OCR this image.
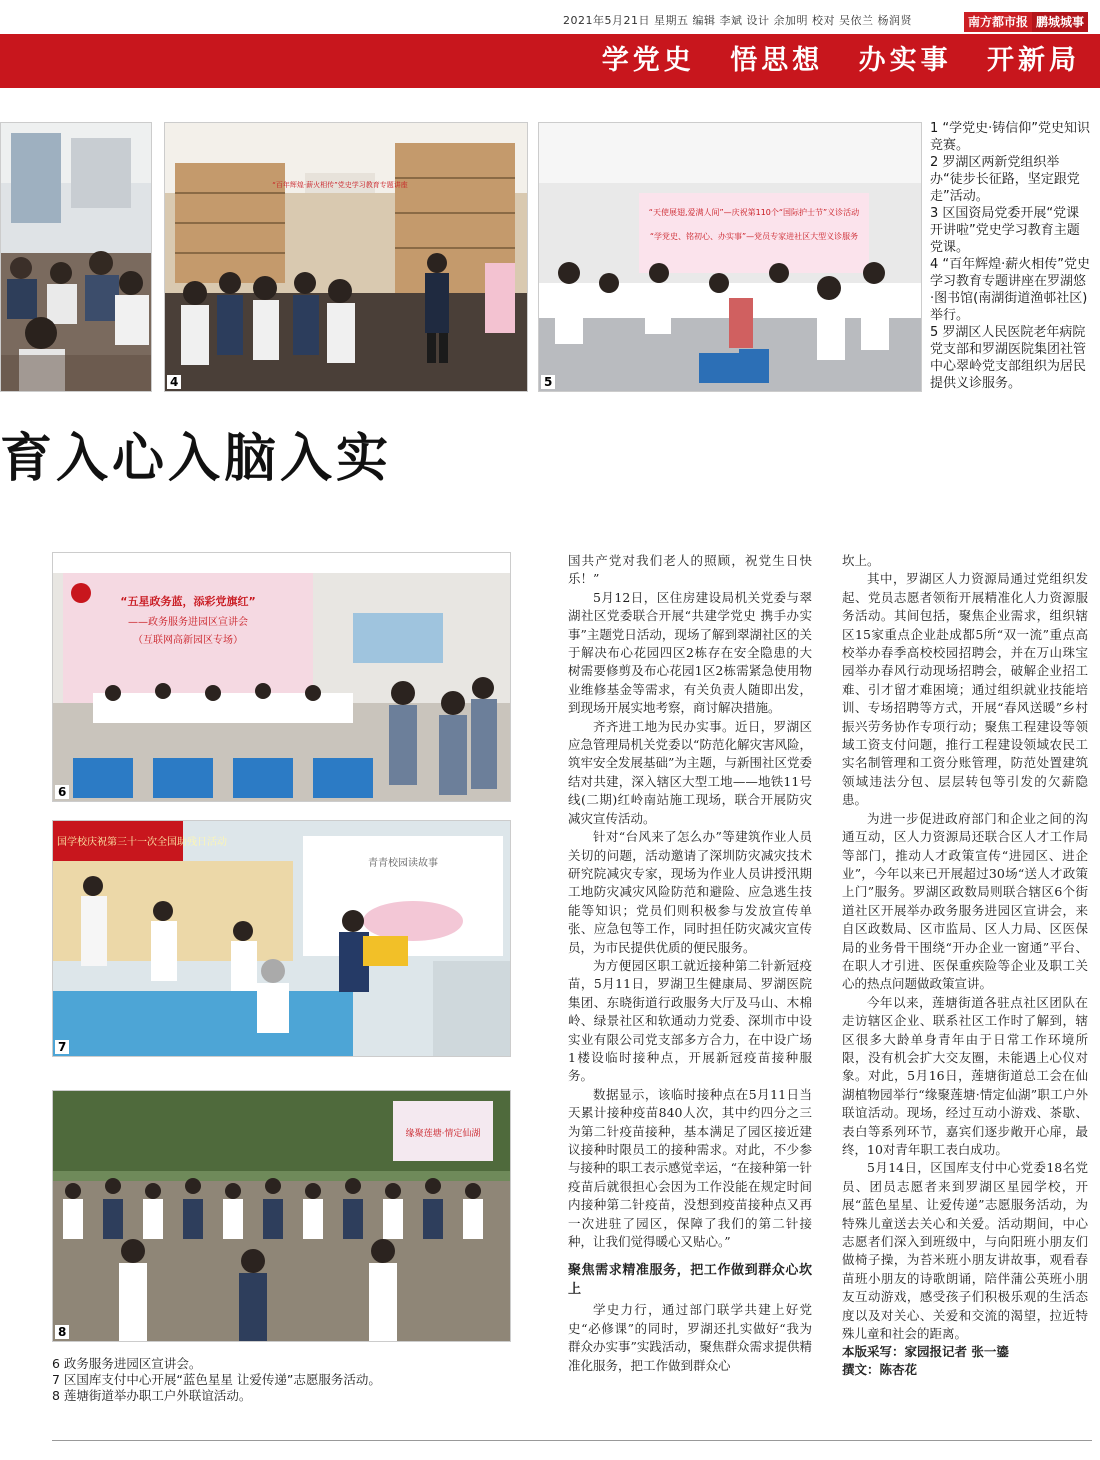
2021年5月21日 星期五 编辑 李斌 设计 余加明 校对 吴依兰 杨润贤	南方都市报 鹏城城事
学党史 悟思想 办实事 开新局
“百年辉煌·薪火相传”党史学习教育专题讲座
4
“天使展翅,爱满人间”—庆祝第110个“国际护士节”义诊活动
“学党史、铭初心、办实事”—党员专家进社区大型义诊服务
5

1 “学党史·铸信仰”党史知识竞赛。

2 罗湖区两新党组织举办“徒步长征路，坚定跟党走”活动。

3 区国资局党委开展“党课开讲啦”党史学习教育主题党课。

4 “百年辉煌·薪火相传”党史学习教育专题讲座在罗湖悠·图书馆(南湖街道渔邨社区)举行。

5 罗湖区人民医院老年病院党支部和罗湖医院集团社管中心翠岭党支部组织为居民提供义诊服务。

育入心入脑入实
“五星政务蓝，添彩党旗红”
——政务服务进园区宣讲会
（互联网高新园区专场）
6
国学校庆祝第三十一次全国助残日活动
青青校园读故事
7
缘聚莲塘·情定仙湖
8

6 政务服务进园区宣讲会。

7 区国库支付中心开展“蓝色星星 让爱传递”志愿服务活动。

8 莲塘街道举办职工户外联谊活动。

国共产党对我们老人的照顾，祝党生日快乐！”

5月12日，区住房建设局机关党委与翠湖社区党委联合开展“共建学党史 携手办实事”主题党日活动，现场了解到翠湖社区的关于解决布心花园四区2栋存在安全隐患的大树需要修剪及布心花园1区2栋需紧急使用物业维修基金等需求，有关负责人随即出发，到现场开展实地考察，商讨解决措施。

齐齐进工地为民办实事。近日，罗湖区应急管理局机关党委以“防范化解灾害风险，筑牢安全发展基础”为主题，与新围社区党委结对共建，深入辖区大型工地——地铁11号线(二期)红岭南站施工现场，联合开展防灾减灾宣传活动。

针对“台风来了怎么办”等建筑作业人员关切的问题，活动邀请了深圳防灾减灾技术研究院减灾专家，现场为作业人员讲授汛期工地防灾减灾风险防范和避险、应急逃生技能等知识；党员们则积极参与发放宣传单张、应急包等工作，同时担任防灾减灾宣传员，为市民提供优质的便民服务。

为方便园区职工就近接种第二针新冠疫苗，5月11日，罗湖卫生健康局、罗湖医院集团、东晓街道行政服务大厅及马山、木棉岭、绿景社区和软通动力党委、深圳市中设实业有限公司党支部多方合力，在中设广场1楼设临时接种点，开展新冠疫苗接种服务。

数据显示，该临时接种点在5月11日当天累计接种疫苗840人次，其中约四分之三为第二针疫苗接种，基本满足了园区接近建议接种时限员工的接种需求。对此，不少参与接种的职工表示感觉幸运，“在接种第一针疫苗后就很担心会因为工作没能在规定时间内接种第二针疫苗，没想到疫苗接种点又再一次进驻了园区，保障了我们的第二针接种，让我们觉得暖心又贴心。”

聚焦需求精准服务，把工作做到群众心坎上

学史力行，通过部门联学共建上好党史“必修课”的同时，罗湖还扎实做好“我为群众办实事”实践活动，聚焦群众需求提供精准化服务，把工作做到群众心

坎上。

其中，罗湖区人力资源局通过党组织发起、党员志愿者领衔开展精准化人力资源服务活动。其间包括，聚焦企业需求，组织辖区15家重点企业赴成都5所“双一流”重点高校举办春季高校校园招聘会，并在万山珠宝园举办春风行动现场招聘会，破解企业招工难、引才留才难困境；通过组织就业技能培训、专场招聘等方式，开展“春风送暖”乡村振兴劳务协作专项行动；聚焦工程建设等领域工资支付问题，推行工程建设领域农民工实名制管理和工资分账管理，防范处置建筑领域违法分包、层层转包等引发的欠薪隐患。

为进一步促进政府部门和企业之间的沟通互动，区人力资源局还联合区人才工作局等部门，推动人才政策宣传“进园区、进企业”，今年以来已开展超过30场“送人才政策上门”服务。罗湖区政数局则联合辖区6个街道社区开展举办政务服务进园区宣讲会，来自区政数局、区市监局、区人力局、区医保局的业务骨干围绕“开办企业一窗通”平台、在职人才引进、医保重疾险等企业及职工关心的热点问题做政策宣讲。

今年以来，莲塘街道各驻点社区团队在走访辖区企业、联系社区工作时了解到，辖区很多大龄单身青年由于日常工作环境所限，没有机会扩大交友圈，未能遇上心仪对象。对此，5月16日，莲塘街道总工会在仙湖植物园举行“缘聚莲塘·情定仙湖”职工户外联谊活动。现场，经过互动小游戏、茶歇、表白等系列环节，嘉宾们逐步敞开心扉，最终，10对青年职工表白成功。

5月14日，区国库支付中心党委18名党员、团员志愿者来到罗湖区星园学校，开展“蓝色星星、让爱传递”志愿服务活动，为特殊儿童送去关心和关爱。活动期间，中心志愿者们深入到班级中，与向阳班小朋友们做椅子操，为苔米班小朋友讲故事，观看春苗班小朋友的诗歌朗诵，陪伴蒲公英班小朋友互动游戏，感受孩子们积极乐观的生活态度以及对关心、关爱和交流的渴望，拉近特殊儿童和社会的距离。

本版采写：家园报记者 张一鎏
撰文：陈杏花
